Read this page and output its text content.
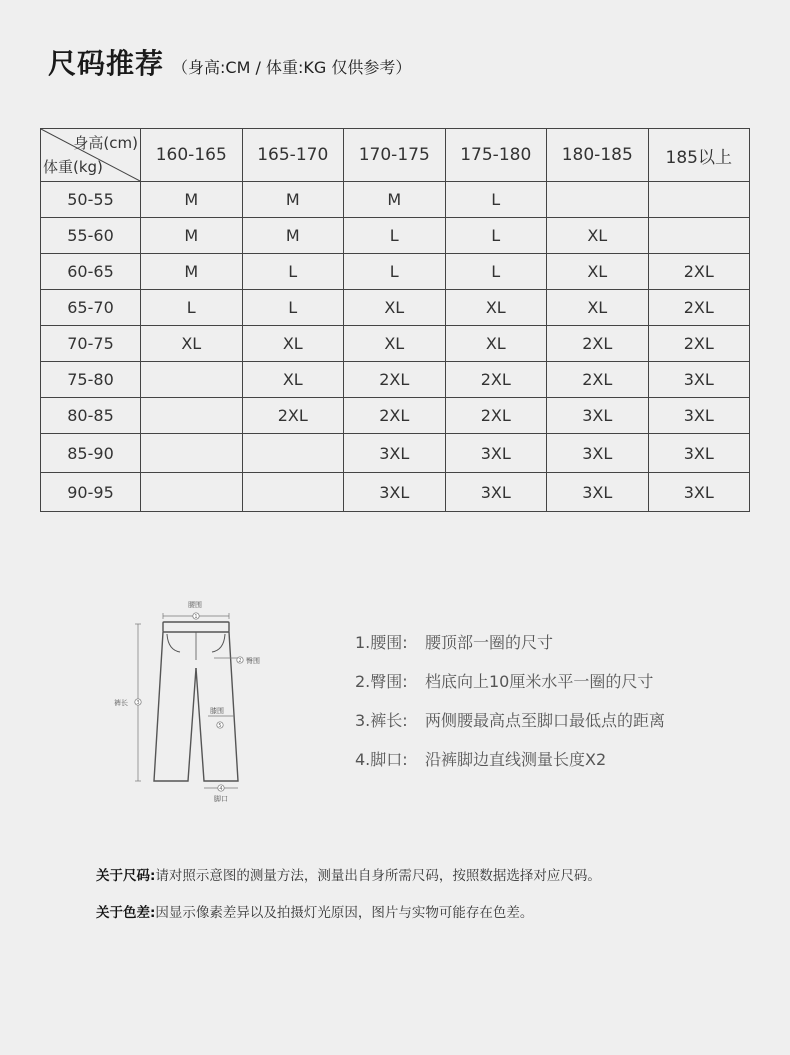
尺码推荐 （身高:CM / 体重:KG 仅供参考）
身高(cm)
体重(kg)	160-165	165-170	170-175	175-180	180-185	185以上
50-55	M	M	M	L		
55-60	M	M	L	L	XL	
60-65	M	L	L	L	XL	2XL
65-70	L	L	XL	XL	XL	2XL
70-75	XL	XL	XL	XL	2XL	2XL
75-80		XL	2XL	2XL	2XL	3XL
80-85		2XL	2XL	2XL	3XL	3XL
85-90			3XL	3XL	3XL	3XL
90-95			3XL	3XL	3XL	3XL
1
2
3
5
4
腰围
臀围
裤长
膝围
脚口
1.腰围:	腰顶部一圈的尺寸
2.臀围:	档底向上10厘米水平一圈的尺寸
3.裤长:	两侧腰最高点至脚口最低点的距离
4.脚口:	沿裤脚边直线测量长度X2
关于尺码:请对照示意图的测量方法，测量出自身所需尺码，按照数据选择对应尺码。
关于色差:因显示像素差异以及拍摄灯光原因，图片与实物可能存在色差。
